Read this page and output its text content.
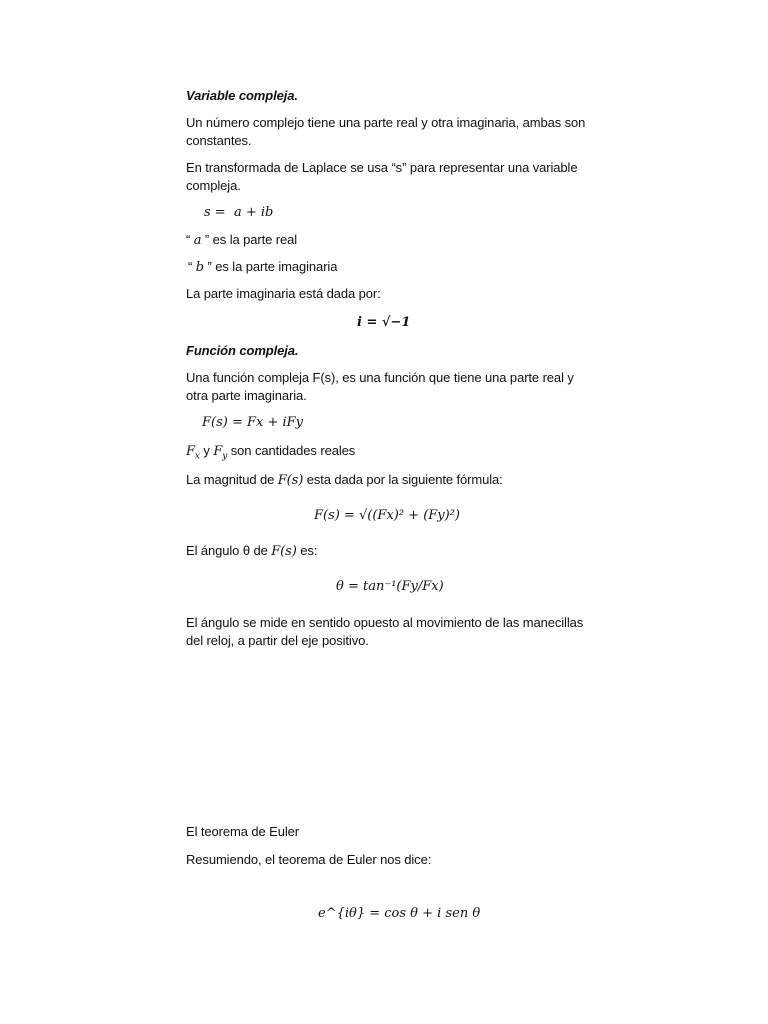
Variable compleja.
Un número complejo tiene una parte real y otra imaginaria, ambas son constantes.
En transformada de Laplace se usa “s” para representar una variable compleja.
s =  a + ib
“ a ” es la parte real
“ b ” es la parte imaginaria
La parte imaginaria está dada por:
i = √−1
Función compleja.
Una función compleja F(s), es una función que tiene una parte real y otra parte imaginaria.
F(s) = Fx + iFy
$F_x$ y $F_y$ son cantidades reales
La magnitud de F(s) esta dada por la siguiente fórmula:
F(s) = √((Fx)² + (Fy)²)
El ángulo θ de F(s) es:
θ = tan⁻¹(Fy/Fx)
El ángulo se mide en sentido opuesto al movimiento de las manecillas del reloj, a partir del eje positivo.
El teorema de Euler
Resumiendo, el teorema de Euler nos dice:
e^{iθ} = cos θ + i sen θ
